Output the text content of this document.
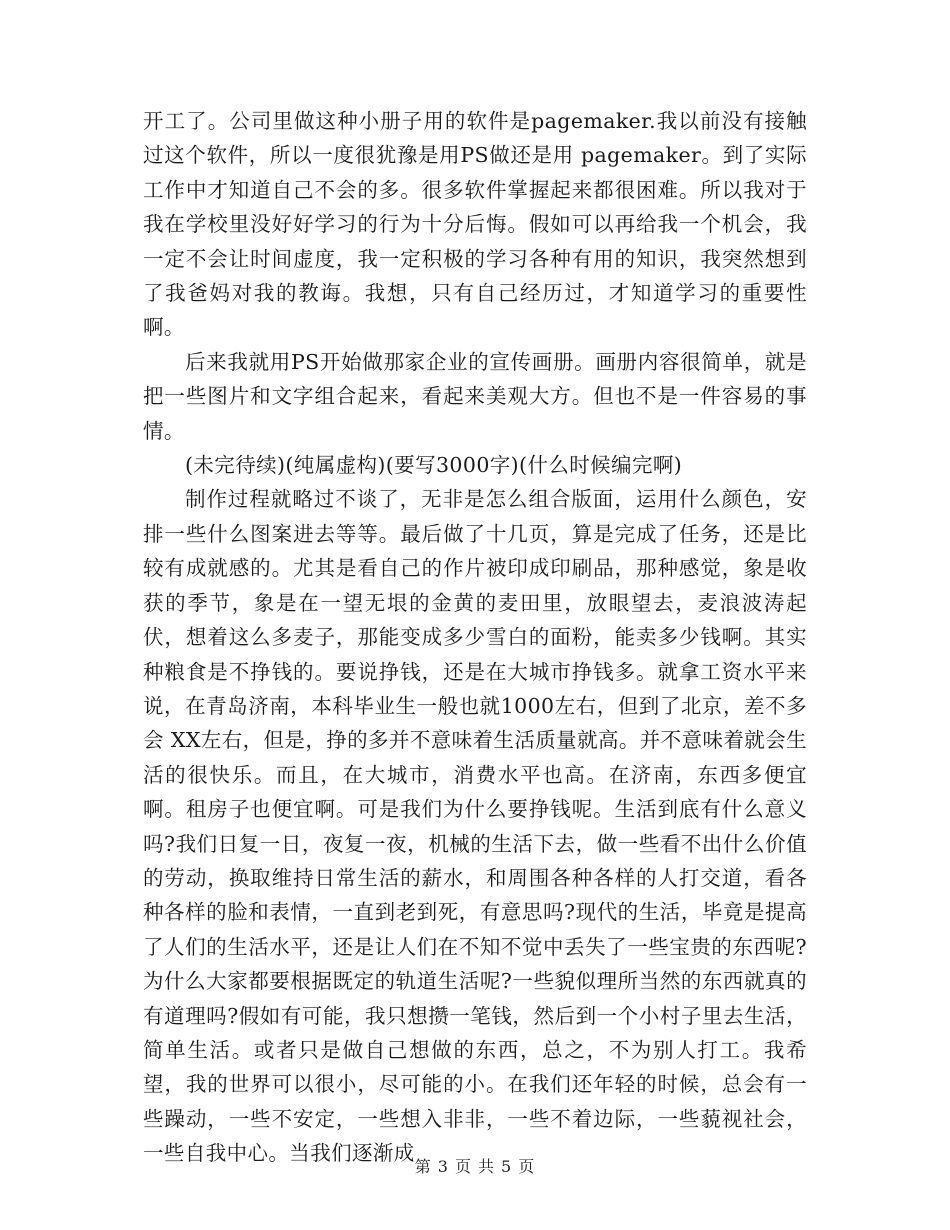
开工了。公司里做这种小册子用的软件是pagemaker.我以前没有接触过这个软件，所以一度很犹豫是用PS做还是用 pagemaker。到了实际工作中才知道自己不会的多。很多软件掌握起来都很困难。所以我对于我在学校里没好好学习的行为十分后悔。假如可以再给我一个机会，我一定不会让时间虚度，我一定积极的学习各种有用的知识，我突然想到了我爸妈对我的教诲。我想，只有自己经历过，才知道学习的重要性啊。

后来我就用PS开始做那家企业的宣传画册。画册内容很简单，就是把一些图片和文字组合起来，看起来美观大方。但也不是一件容易的事情。

(未完待续)(纯属虚构)(要写3000字)(什么时候编完啊)

制作过程就略过不谈了，无非是怎么组合版面，运用什么颜色，安排一些什么图案进去等等。最后做了十几页，算是完成了任务，还是比较有成就感的。尤其是看自己的作片被印成印刷品，那种感觉，象是收获的季节，象是在一望无垠的金黄的麦田里，放眼望去，麦浪波涛起伏，想着这么多麦子，那能变成多少雪白的面粉，能卖多少钱啊。其实种粮食是不挣钱的。要说挣钱，还是在大城市挣钱多。就拿工资水平来说，在青岛济南，本科毕业生一般也就1000左右，但到了北京，差不多会 XX左右，但是，挣的多并不意味着生活质量就高。并不意味着就会生活的很快乐。而且，在大城市，消费水平也高。在济南，东西多便宜啊。租房子也便宜啊。可是我们为什么要挣钱呢。生活到底有什么意义吗?我们日复一日，夜复一夜，机械的生活下去，做一些看不出什么价值的劳动，换取维持日常生活的薪水，和周围各种各样的人打交道，看各种各样的脸和表情，一直到老到死，有意思吗?现代的生活，毕竟是提高了人们的生活水平，还是让人们在不知不觉中丢失了一些宝贵的东西呢?为什么大家都要根据既定的轨道生活呢?一些貌似理所当然的东西就真的有道理吗?假如有可能，我只想攒一笔钱，然后到一个小村子里去生活，简单生活。或者只是做自己想做的东西，总之，不为别人打工。我希望，我的世界可以很小，尽可能的小。在我们还年轻的时候，总会有一些躁动，一些不安定，一些想入非非，一些不着边际，一些藐视社会，一些自我中心。当我们逐渐成

第 3 页 共 5 页
